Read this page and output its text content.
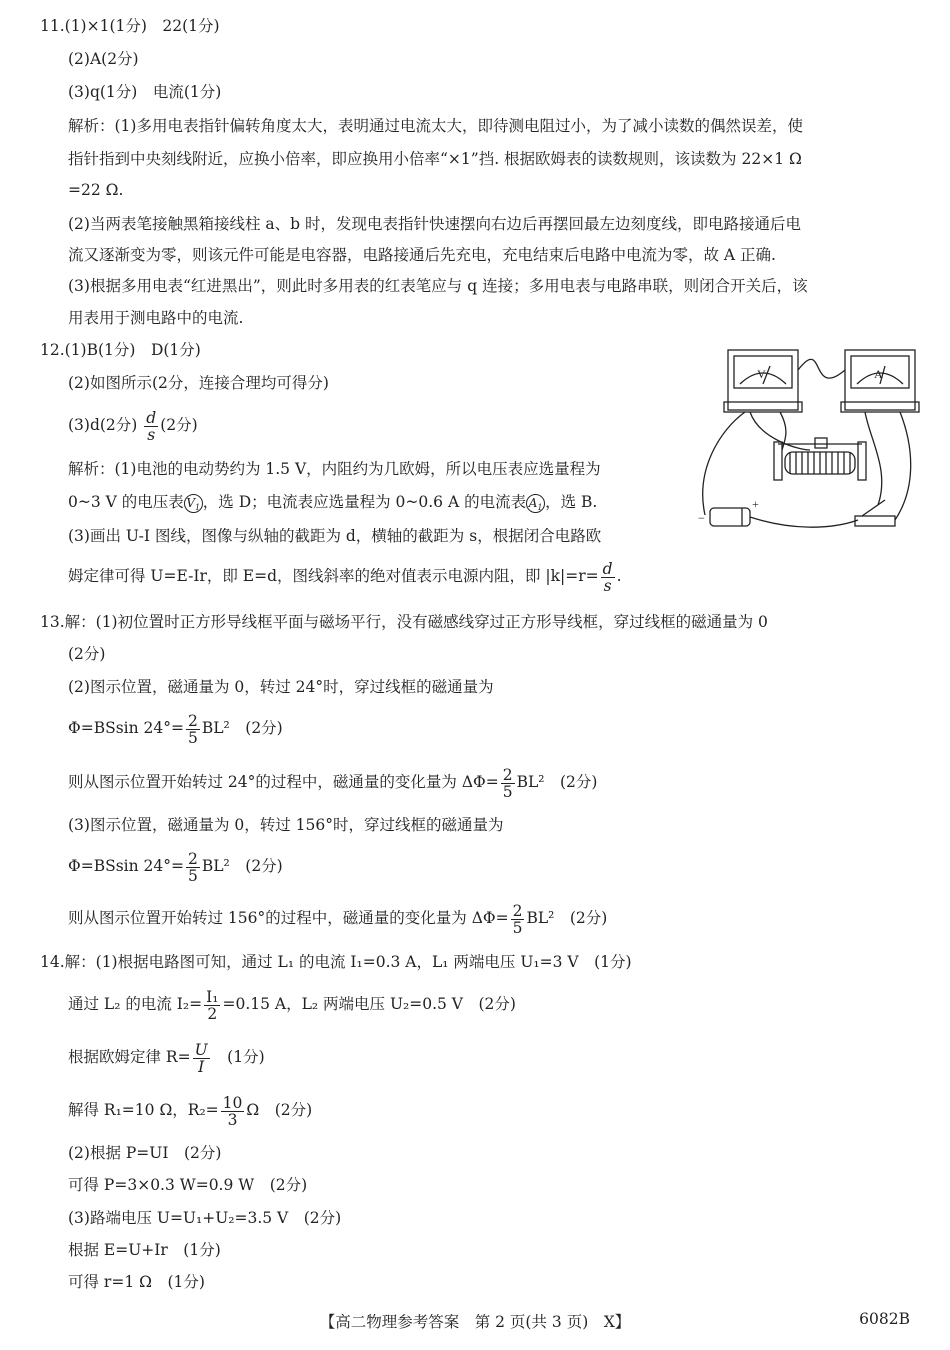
11.(1)×1(1分)　22(1分)
(2)A(2分)
(3)q(1分)　电流(1分)
解析：(1)多用电表指针偏转角度太大，表明通过电流太大，即待测电阻过小，为了减小读数的偶然误差，使
指针指到中央刻线附近，应换小倍率，即应换用小倍率“×1”挡. 根据欧姆表的读数规则，该读数为 22×1 Ω
=22 Ω.
(2)当两表笔接触黑箱接线柱 a、b 时，发现电表指针快速摆向右边后再摆回最左边刻度线，即电路接通后电
流又逐渐变为零，则该元件可能是电容器，电路接通后先充电，充电结束后电路中电流为零，故 A 正确.
(3)根据多用电表“红进黑出”，则此时多用表的红表笔应与 q 连接；多用电表与电路串联，则闭合开关后，该
用表用于测电路中的电流.
12.(1)B(1分)　D(1分)
(2)如图所示(2分，连接合理均可得分)
(3)d(2分) $\frac{d}{s} (2$分)
解析：(1)电池的电动势约为 1.5 V，内阻约为几欧姆，所以电压表应选量程为
0~3 V 的电压表 $V_1$ ，选 D；电流表应选量程为 0~0.6 A 的电流表 $A_1$ ，选 B.
(3)画出 U-I 图线，图像与纵轴的截距为 d，横轴的截距为 s，根据闭合电路欧
姆定律可得 U=E-Ir，即 E=d，图线斜率的绝对值表示电源内阻，即 $|k|=r= \frac{d}{s}$ .
V	A
−
+
13.解：(1)初位置时正方形导线框平面与磁场平行，没有磁感线穿过正方形导线框，穿过线框的磁通量为 0
(2分)
(2)图示位置，磁通量为 0，转过 24°时，穿过线框的磁通量为
Φ=BSsin $24^\circ= \frac{2}{5} BL^2$　(2分)
则从图示位置开始转过 24°的过程中，磁通量的变化量为 $\Delta\Phi= \frac{2}{5} BL^2$　(2分)
(3)图示位置，磁通量为 0，转过 156°时，穿过线框的磁通量为
Φ=BSsin $24^\circ= \frac{2}{5} BL^2$　(2分)
则从图示位置开始转过 156°的过程中，磁通量的变化量为 $\Delta\Phi= \frac{2}{5} BL^2$　(2分)
14.解：(1)根据电路图可知，通过 L₁ 的电流 I₁=0.3 A，L₁ 两端电压 U₁=3 V　(1分)
通过 L₂ 的电流 $I_2= \frac{\text{I₁}}{2} =0.15$ A，L₂ 两端电压 U₂=0.5 V　(2分)
根据欧姆定律 $R= \frac{U}{I}$ 　(1分)
解得 R₁=10 Ω，$R_2= \frac{10}{3}$ Ω　(2分)
(2)根据 P=UI　(2分)
可得 P=3×0.3 W=0.9 W　(2分)
(3)路端电压 U=U₁+U₂=3.5 V　(2分)
根据 E=U+Ir　(1分)
可得 r=1 Ω　(1分)
【高二物理参考答案　第 2 页(共 3 页)　X】	6082B
